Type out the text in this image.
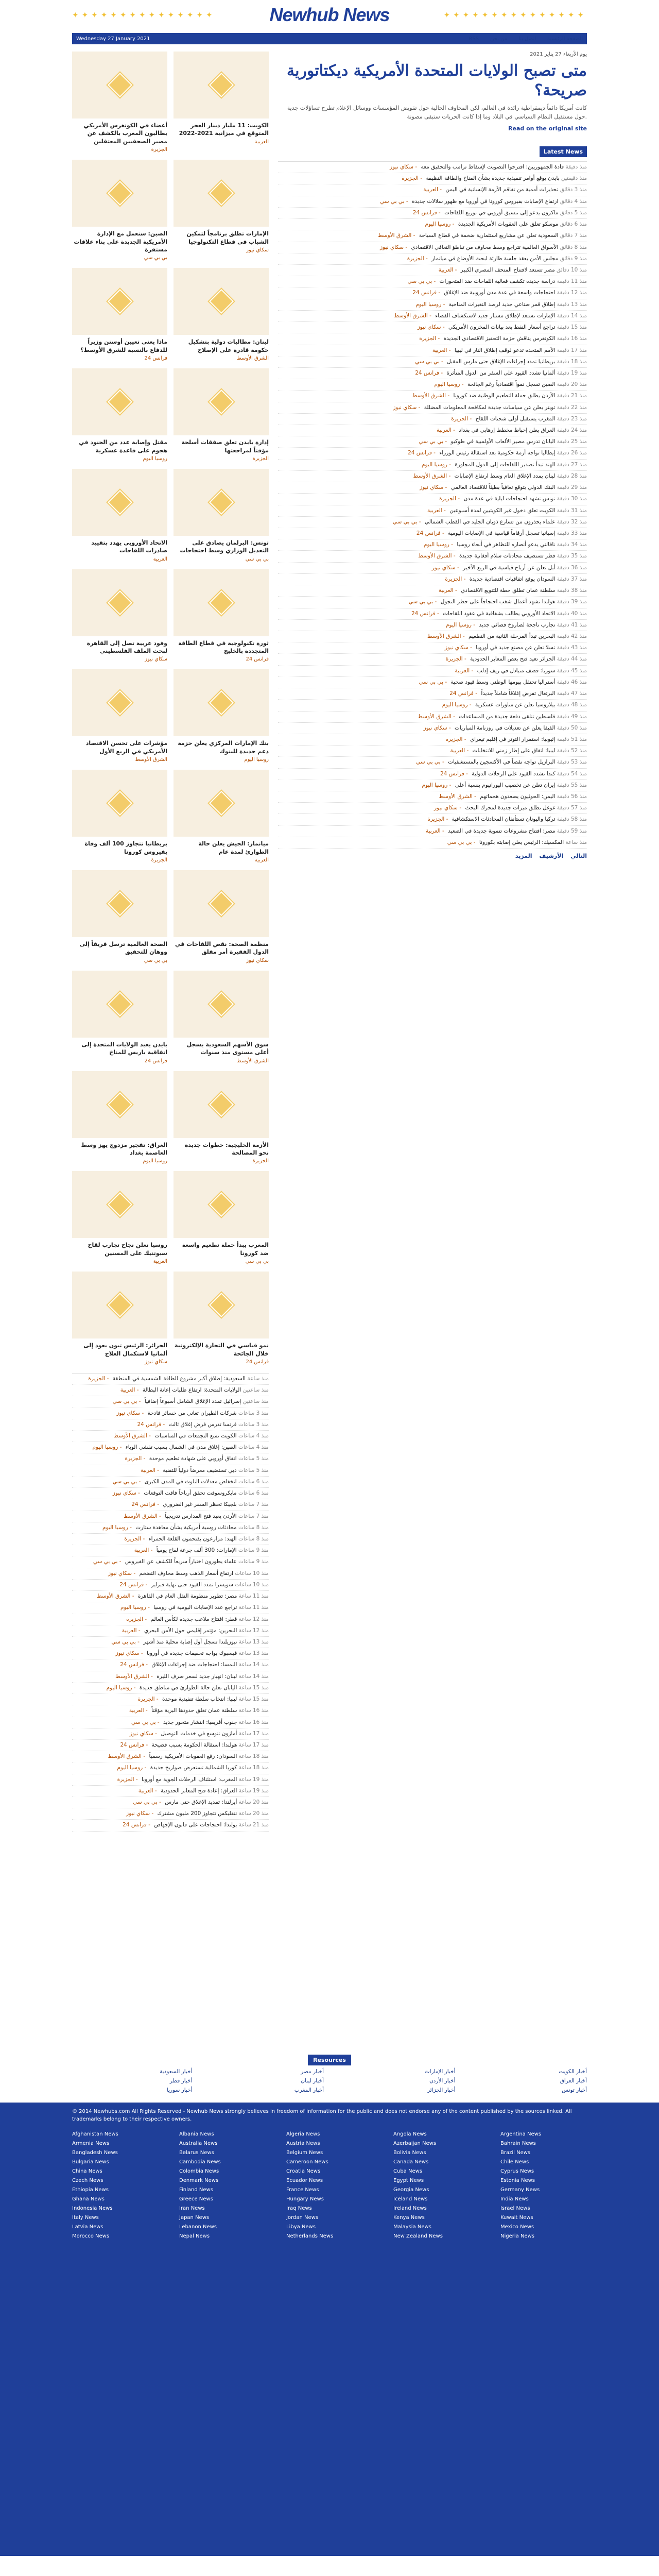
✦✦✦✦✦✦✦✦✦✦✦✦✦✦✦	Newhub News	✦✦✦✦✦✦✦✦✦✦✦✦✦✦✦
Wednesday 27 January 2021	RSS من نحن اتصل بنا الصفحة الرئيسية
يوم الأربعاء 27 يناير 2021
متى تصبح الولايات المتحدة الأمريكية ديكتاتورية صريحة؟

كانت أمريكا دائماً ديمقراطية رائدة في العالم، لكن المخاوف الحالية حول تقويض المؤسسات ووسائل الإعلام تطرح تساؤلات جدية حول مستقبل النظام السياسي في البلاد وما إذا كانت الحريات ستبقى مصونة.

Read on the original site
Latest News
منذ دقيقة قادة الجمهوريين: اقترحوا التصويت لإسقاط ترامب والتحقيق معه - سكاي نيوز
منذ دقيقتين بايدن يوقع أوامر تنفيذية جديدة بشأن المناخ والطاقة النظيفة - الجزيرة
منذ 3 دقائق تحذيرات أممية من تفاقم الأزمة الإنسانية في اليمن - العربية
منذ 4 دقائق ارتفاع الإصابات بفيروس كورونا في أوروبا مع ظهور سلالات جديدة - بي بي سي
منذ 5 دقائق ماكرون يدعو إلى تنسيق أوروبي في توزيع اللقاحات - فرانس 24
منذ 6 دقائق موسكو تعلق على العقوبات الأمريكية الجديدة - روسيا اليوم
منذ 7 دقائق السعودية تعلن عن مشاريع استثمارية ضخمة في قطاع السياحة - الشرق الأوسط
منذ 8 دقائق الأسواق العالمية تتراجع وسط مخاوف من تباطؤ التعافي الاقتصادي - سكاي نيوز
منذ 9 دقائق مجلس الأمن يعقد جلسة طارئة لبحث الأوضاع في ميانمار - الجزيرة
منذ 10 دقائق مصر تستعد لافتتاح المتحف المصري الكبير - العربية
منذ 11 دقيقة دراسة جديدة تكشف فعالية اللقاحات ضد المتحورات - بي بي سي
منذ 12 دقيقة احتجاجات واسعة في عدة مدن أوروبية ضد الإغلاق - فرانس 24
منذ 13 دقيقة إطلاق قمر صناعي جديد لرصد التغيرات المناخية - روسيا اليوم
منذ 14 دقيقة الإمارات تستعد لإطلاق مسبار جديد لاستكشاف الفضاء - الشرق الأوسط
منذ 15 دقيقة تراجع أسعار النفط بعد بيانات المخزون الأمريكي - سكاي نيوز
منذ 16 دقيقة الكونغرس يناقش حزمة التحفيز الاقتصادي الجديدة - الجزيرة
منذ 17 دقيقة الأمم المتحدة تدعو لوقف إطلاق النار في ليبيا - العربية
منذ 18 دقيقة بريطانيا تمدد إجراءات الإغلاق حتى مارس المقبل - بي بي سي
منذ 19 دقيقة ألمانيا تشدد القيود على السفر من الدول المتأثرة - فرانس 24
منذ 20 دقيقة الصين تسجل نمواً اقتصادياً رغم الجائحة - روسيا اليوم
منذ 21 دقيقة الأردن يطلق حملة التطعيم الوطنية ضد كورونا - الشرق الأوسط
منذ 22 دقيقة تويتر يعلن عن سياسات جديدة لمكافحة المعلومات المضللة - سكاي نيوز
منذ 23 دقيقة المغرب يستقبل أولى شحنات اللقاح - الجزيرة
منذ 24 دقيقة العراق يعلن إحباط مخطط إرهابي في بغداد - العربية
منذ 25 دقيقة اليابان تدرس مصير الألعاب الأولمبية في طوكيو - بي بي سي
منذ 26 دقيقة إيطاليا تواجه أزمة حكومية بعد استقالة رئيس الوزراء - فرانس 24
منذ 27 دقيقة الهند تبدأ تصدير اللقاحات إلى الدول المجاورة - روسيا اليوم
منذ 28 دقيقة لبنان يمدد الإغلاق العام وسط ارتفاع الإصابات - الشرق الأوسط
منذ 29 دقيقة البنك الدولي يتوقع تعافياً بطيئاً للاقتصاد العالمي - سكاي نيوز
منذ 30 دقيقة تونس تشهد احتجاجات ليلية في عدة مدن - الجزيرة
منذ 31 دقيقة الكويت تعلق دخول غير الكويتيين لمدة أسبوعين - العربية
منذ 32 دقيقة علماء يحذرون من تسارع ذوبان الجليد في القطب الشمالي - بي بي سي
منذ 33 دقيقة إسبانيا تسجل أرقاماً قياسية في الإصابات اليومية - فرانس 24
منذ 34 دقيقة نافالني يدعو أنصاره للتظاهر في أنحاء روسيا - روسيا اليوم
منذ 35 دقيقة قطر تستضيف محادثات سلام أفغانية جديدة - الشرق الأوسط
منذ 36 دقيقة أبل تعلن عن أرباح قياسية في الربع الأخير - سكاي نيوز
منذ 37 دقيقة السودان يوقع اتفاقيات اقتصادية جديدة - الجزيرة
منذ 38 دقيقة سلطنة عمان تطلق خطة للتنويع الاقتصادي - العربية
منذ 39 دقيقة هولندا تشهد أعمال شغب احتجاجاً على حظر التجول - بي بي سي
منذ 40 دقيقة الاتحاد الأوروبي يطالب بشفافية في عقود اللقاحات - فرانس 24
منذ 41 دقيقة تجارب ناجحة لصاروخ فضائي جديد - روسيا اليوم
منذ 42 دقيقة البحرين تبدأ المرحلة الثانية من التطعيم - الشرق الأوسط
منذ 43 دقيقة تسلا تعلن عن مصنع جديد في أوروبا - سكاي نيوز
منذ 44 دقيقة الجزائر تعيد فتح بعض المعابر الحدودية - الجزيرة
منذ 45 دقيقة سوريا: قصف متبادل في ريف إدلب - العربية
منذ 46 دقيقة أستراليا تحتفل بيومها الوطني وسط قيود صحية - بي بي سي
منذ 47 دقيقة البرتغال تفرض إغلاقاً شاملاً جديداً - فرانس 24
منذ 48 دقيقة بيلاروسيا تعلن عن مناورات عسكرية - روسيا اليوم
منذ 49 دقيقة فلسطين تتلقى دفعة جديدة من المساعدات - الشرق الأوسط
منذ 50 دقيقة الفيفا يعلن عن تعديلات في روزنامة المباريات - سكاي نيوز
منذ 51 دقيقة إثيوبيا: استمرار التوتر في إقليم تيغراي - الجزيرة
منذ 52 دقيقة ليبيا: اتفاق على إطار زمني للانتخابات - العربية
منذ 53 دقيقة البرازيل تواجه نقصاً في الأكسجين بالمستشفيات - بي بي سي
منذ 54 دقيقة كندا تشدد القيود على الرحلات الدولية - فرانس 24
منذ 55 دقيقة إيران تعلن عن تخصيب اليورانيوم بنسبة أعلى - روسيا اليوم
منذ 56 دقيقة اليمن: الحوثيون يصعدون هجماتهم - الشرق الأوسط
منذ 57 دقيقة غوغل تطلق ميزات جديدة لمحرك البحث - سكاي نيوز
منذ 58 دقيقة تركيا واليونان تستأنفان المحادثات الاستكشافية - الجزيرة
منذ 59 دقيقة مصر: افتتاح مشروعات تنموية جديدة في الصعيد - العربية
منذ ساعة المكسيك: الرئيس يعلن إصابته بكورونا - بي بي سي
المزيد الأرشيف التالي
أعضاء في الكونغرس الأمريكي يطالبون المغرب بالكشف عن مصير الصحفيين المعتقلين
الجزيرة
الكويت: 11 مليار دينار العجز المتوقع في ميزانية 2021-2022
العربية
الصين: سنعمل مع الإدارة الأمريكية الجديدة على بناء علاقات مستقرة
بي بي سي
الإمارات تطلق برنامجاً لتمكين الشباب في قطاع التكنولوجيا
سكاي نيوز
ماذا يعني تعيين أوستن وزيراً للدفاع بالنسبة للشرق الأوسط؟
فرانس 24
لبنان: مطالبات دولية بتشكيل حكومة قادرة على الإصلاح
الشرق الأوسط
مقتل وإصابة عدد من الجنود في هجوم على قاعدة عسكرية
روسيا اليوم
إدارة بايدن تعلق صفقات أسلحة مؤقتاً لمراجعتها
الجزيرة
الاتحاد الأوروبي يهدد بتقييد صادرات اللقاحات
العربية
تونس: البرلمان يصادق على التعديل الوزاري وسط احتجاجات
بي بي سي
وفود عربية تصل إلى القاهرة لبحث الملف الفلسطيني
سكاي نيوز
ثورة تكنولوجية في قطاع الطاقة المتجددة بالخليج
فرانس 24
مؤشرات على تحسن الاقتصاد الأمريكي في الربع الأول
الشرق الأوسط
بنك الإمارات المركزي يعلن حزمة دعم جديدة للبنوك
روسيا اليوم
بريطانيا تتجاوز 100 ألف وفاة بفيروس كورونا
الجزيرة
ميانمار: الجيش يعلن حالة الطوارئ لمدة عام
العربية
الصحة العالمية ترسل فريقاً إلى ووهان للتحقيق
بي بي سي
منظمة الصحة: نقص اللقاحات في الدول الفقيرة أمر مقلق
سكاي نيوز
بايدن يعيد الولايات المتحدة إلى اتفاقية باريس للمناخ
فرانس 24
سوق الأسهم السعودية يسجل أعلى مستوى منذ سنوات
الشرق الأوسط
العراق: تفجير مزدوج يهز وسط العاصمة بغداد
روسيا اليوم
الأزمة الخليجية: خطوات جديدة نحو المصالحة
الجزيرة
روسيا تعلن نجاح تجارب لقاح سبوتنيك على المسنين
العربية
المغرب يبدأ حملة تطعيم واسعة ضد كورونا
بي بي سي
الجزائر: الرئيس تبون يعود إلى ألمانيا لاستكمال العلاج
سكاي نيوز
نمو قياسي في التجارة الإلكترونية خلال الجائحة
فرانس 24
منذ ساعة السعودية: إطلاق أكبر مشروع للطاقة الشمسية في المنطقة - الجزيرة
منذ ساعتين الولايات المتحدة: ارتفاع طلبات إعانة البطالة - العربية
منذ ساعتين إسرائيل تمدد الإغلاق الشامل أسبوعاً إضافياً - بي بي سي
منذ 3 ساعات شركات الطيران تعاني من خسائر فادحة - سكاي نيوز
منذ 3 ساعات فرنسا تدرس فرض إغلاق ثالث - فرانس 24
منذ 4 ساعات الكويت تمنع التجمعات في المناسبات - الشرق الأوسط
منذ 4 ساعات الصين: إغلاق مدن في الشمال بسبب تفشي الوباء - روسيا اليوم
منذ 5 ساعات اتفاق أوروبي على شهادة تطعيم موحدة - الجزيرة
منذ 5 ساعات دبي تستضيف معرضاً دولياً للتقنية - العربية
منذ 6 ساعات انخفاض معدلات التلوث في المدن الكبرى - بي بي سي
منذ 6 ساعات مايكروسوفت تحقق أرباحاً فاقت التوقعات - سكاي نيوز
منذ 7 ساعات بلجيكا تحظر السفر غير الضروري - فرانس 24
منذ 7 ساعات الأردن يعيد فتح المدارس تدريجياً - الشرق الأوسط
منذ 8 ساعات محادثات روسية أمريكية بشأن معاهدة ستارت - روسيا اليوم
منذ 8 ساعات الهند: مزارعون يقتحمون القلعة الحمراء - الجزيرة
منذ 9 ساعات الإمارات: 300 ألف جرعة لقاح يومياً - العربية
منذ 9 ساعات علماء يطورون اختباراً سريعاً للكشف عن الفيروس - بي بي سي
منذ 10 ساعات ارتفاع أسعار الذهب وسط مخاوف التضخم - سكاي نيوز
منذ 10 ساعات سويسرا تمدد القيود حتى نهاية فبراير - فرانس 24
منذ 11 ساعة مصر: تطوير منظومة النقل العام في القاهرة - الشرق الأوسط
منذ 11 ساعة تراجع عدد الإصابات اليومية في روسيا - روسيا اليوم
منذ 12 ساعة قطر: افتتاح ملاعب جديدة لكأس العالم - الجزيرة
منذ 12 ساعة البحرين: مؤتمر إقليمي حول الأمن البحري - العربية
منذ 13 ساعة نيوزيلندا تسجل أول إصابة محلية منذ أشهر - بي بي سي
منذ 13 ساعة فيسبوك يواجه تحقيقات جديدة في أوروبا - سكاي نيوز
منذ 14 ساعة النمسا: احتجاجات ضد إجراءات الإغلاق - فرانس 24
منذ 14 ساعة لبنان: انهيار جديد لسعر صرف الليرة - الشرق الأوسط
منذ 15 ساعة اليابان تعلن حالة الطوارئ في مناطق جديدة - روسيا اليوم
منذ 15 ساعة ليبيا: انتخاب سلطة تنفيذية موحدة - الجزيرة
منذ 16 ساعة سلطنة عمان تغلق حدودها البرية مؤقتاً - العربية
منذ 16 ساعة جنوب أفريقيا: انتشار متحور جديد - بي بي سي
منذ 17 ساعة أمازون تتوسع في خدمات التوصيل - سكاي نيوز
منذ 17 ساعة هولندا: استقالة الحكومة بسبب فضيحة - فرانس 24
منذ 18 ساعة السودان: رفع العقوبات الأمريكية رسمياً - الشرق الأوسط
منذ 18 ساعة كوريا الشمالية تستعرض صواريخ جديدة - روسيا اليوم
منذ 19 ساعة المغرب: استئناف الرحلات الجوية مع أوروبا - الجزيرة
منذ 19 ساعة العراق: إعادة فتح المعابر الحدودية - العربية
منذ 20 ساعة أيرلندا: تمديد الإغلاق حتى مارس - بي بي سي
منذ 20 ساعة نتفليكس تتجاوز 200 مليون مشترك - سكاي نيوز
منذ 21 ساعة بولندا: احتجاجات على قانون الإجهاض - فرانس 24
Resources
أخبار السعودية	أخبار مصر	أخبار الإمارات	أخبار الكويت
أخبار قطر	أخبار لبنان	أخبار الأردن	أخبار العراق
أخبار سوريا	أخبار المغرب	أخبار الجزائر	أخبار تونس

© 2014 Newhubs.com All Rights Reserved - Newhub News strongly believes in freedom of information for the public and does not endorse any of the content published by the sources linked. All trademarks belong to their respective owners.

Afghanistan News	Albania News	Algeria News	Angola News	Argentina News
Armenia News	Australia News	Austria News	Azerbaijan News	Bahrain News
Bangladesh News	Belarus News	Belgium News	Bolivia News	Brazil News
Bulgaria News	Cambodia News	Cameroon News	Canada News	Chile News
China News	Colombia News	Croatia News	Cuba News	Cyprus News
Czech News	Denmark News	Ecuador News	Egypt News	Estonia News
Ethiopia News	Finland News	France News	Georgia News	Germany News
Ghana News	Greece News	Hungary News	Iceland News	India News
Indonesia News	Iran News	Iraq News	Ireland News	Israel News
Italy News	Japan News	Jordan News	Kenya News	Kuwait News
Latvia News	Lebanon News	Libya News	Malaysia News	Mexico News
Morocco News	Nepal News	Netherlands News	New Zealand News	Nigeria News
